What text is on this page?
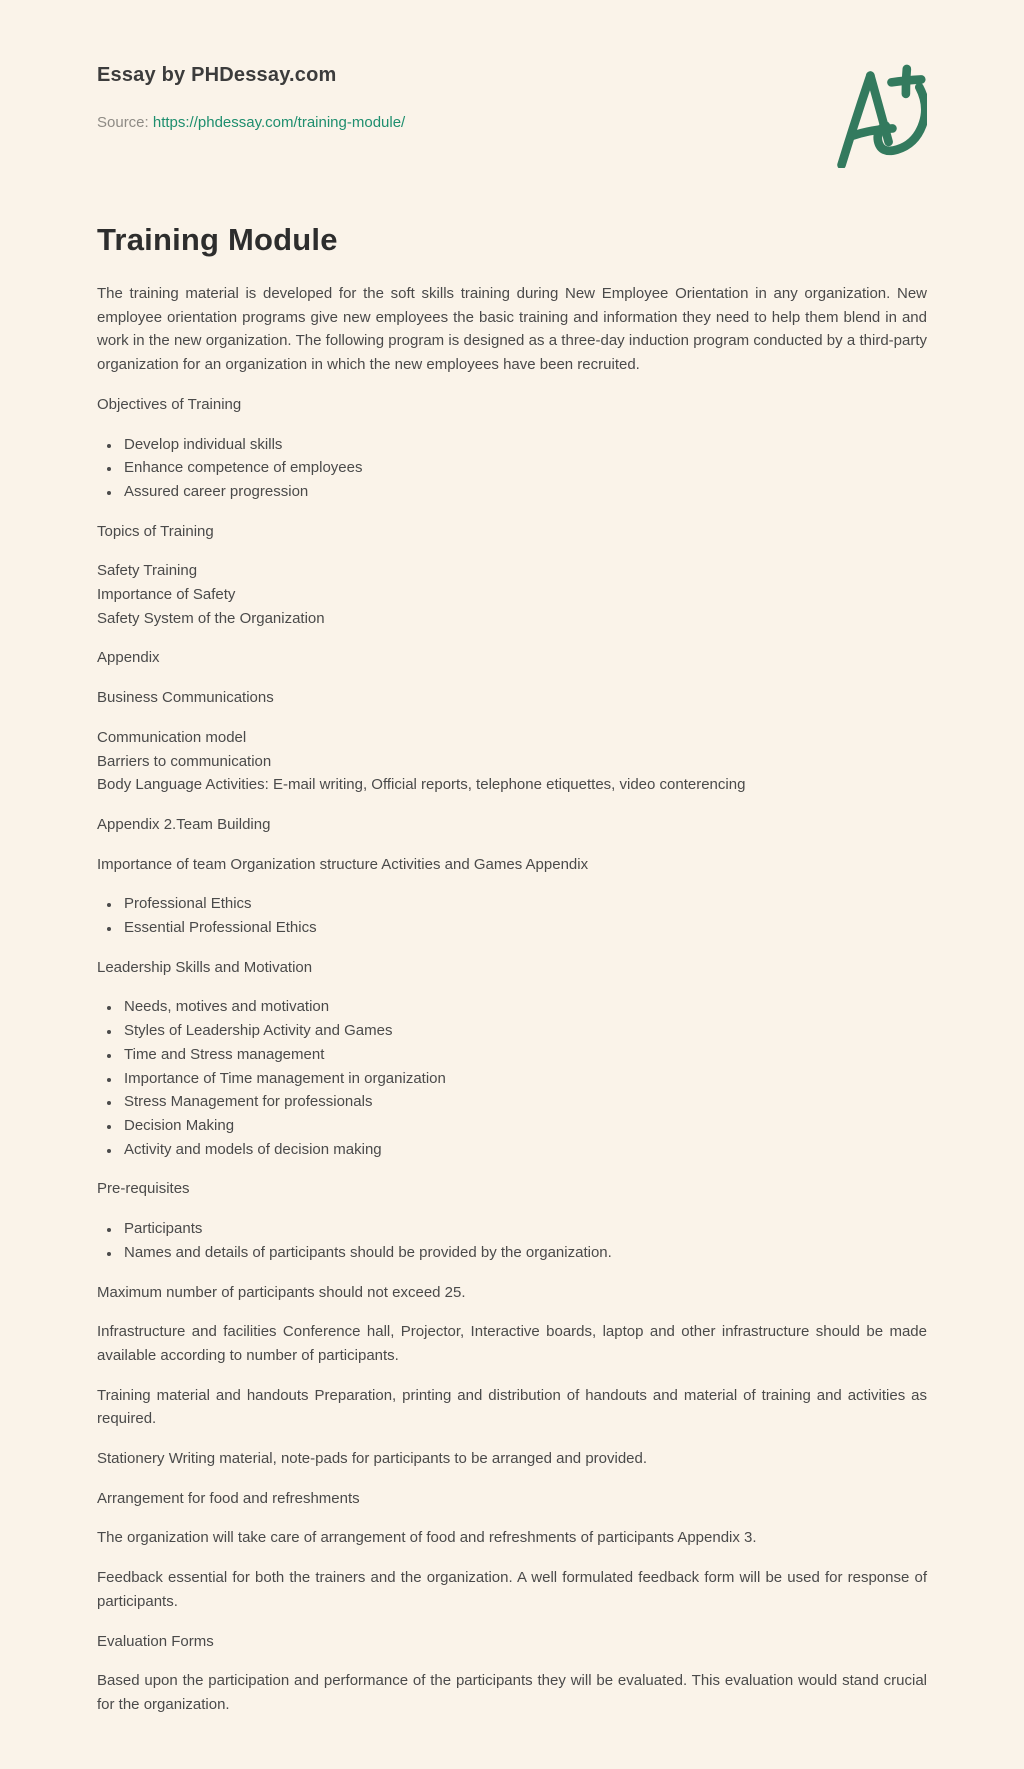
Essay by PHDessay.com
Source: https://phdessay.com/training-module/
Training Module

The training material is developed for the soft skills training during New Employee Orientation in any organization. New employee orientation programs give new employees the basic training and information they need to help them blend in and work in the new organization. The following program is designed as a three-day induction program conducted by a third-party organization for an organization in which the new employees have been recruited.

Objectives of Training

• Develop individual skills
• Enhance competence of employees
• Assured career progression

Topics of Training

Safety Training
Importance of Safety
Safety System of the Organization

Appendix

Business Communications

Communication model
Barriers to communication
Body Language Activities: E-mail writing, Official reports, telephone etiquettes, video conterencing

Appendix 2.Team Building

Importance of team Organization structure Activities and Games Appendix

• Professional Ethics
• Essential Professional Ethics

Leadership Skills and Motivation

• Needs, motives and motivation
• Styles of Leadership Activity and Games
• Time and Stress management
• Importance of Time management in organization
• Stress Management for professionals
• Decision Making
• Activity and models of decision making

Pre-requisites

• Participants
• Names and details of participants should be provided by the organization.

Maximum number of participants should not exceed 25.

Infrastructure and facilities Conference hall, Projector, Interactive boards, laptop and other infrastructure should be made available according to number of participants.

Training material and handouts Preparation, printing and distribution of handouts and material of training and activities as required.

Stationery Writing material, note-pads for participants to be arranged and provided.

Arrangement for food and refreshments

The organization will take care of arrangement of food and refreshments of participants Appendix 3.

Feedback essential for both the trainers and the organization. A well formulated feedback form will be used for response of participants.

Evaluation Forms

Based upon the participation and performance of the participants they will be evaluated. This evaluation would stand crucial for the organization.
